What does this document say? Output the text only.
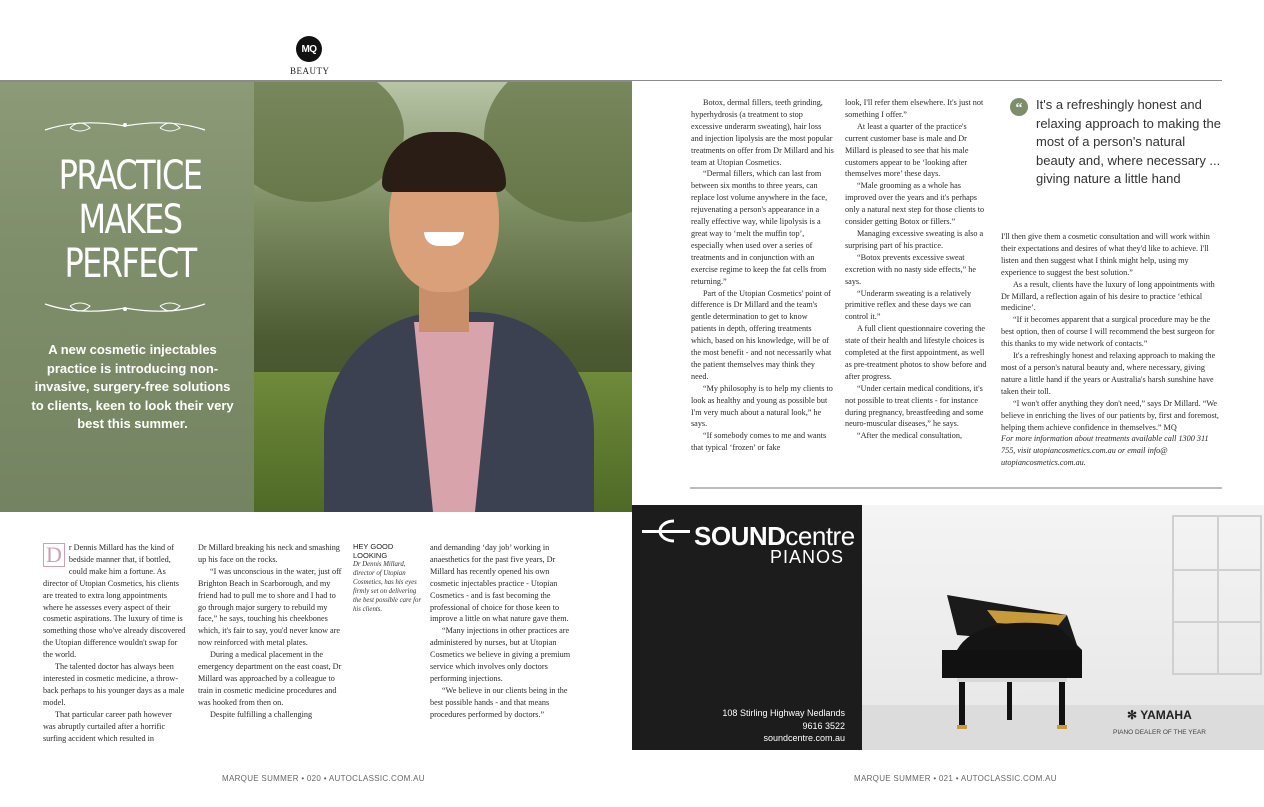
MQ
BEAUTY
PRACTICE
MAKES
PERFECT
A new cosmetic injectables practice is introducing non-invasive, surgery-free solutions to clients, keen to look their very best this summer.

D r Dennis Millard has the kind of bedside manner that, if bottled, could make him a fortune. As director of Utopian Cosmetics, his clients are treated to extra long appointments where he assesses every aspect of their cosmetic aspirations. The luxury of time is something those who've already discovered the Utopian difference wouldn't swap for the world.

The talented doctor has always been interested in cosmetic medicine, a throw-back perhaps to his younger days as a male model.

That particular career path however was abruptly curtailed after a horrific surfing accident which resulted in

Dr Millard breaking his neck and smashing up his face on the rocks.

“I was unconscious in the water, just off Brighton Beach in Scarborough, and my friend had to pull me to shore and I had to go through major surgery to rebuild my face,” he says, touching his cheekbones which, it's fair to say, you'd never know are now reinforced with metal plates.

During a medical placement in the emergency department on the east coast, Dr Millard was approached by a colleague to train in cosmetic medicine procedures and was hooked from then on.

Despite fulfilling a challenging

HEY GOOD LOOKING
Dr Dennis Millard, director of Utopian Cosmetics, has his eyes firmly set on delivering the best possible care for his clients.

and demanding ‘day job’ working in anaesthetics for the past five years, Dr Millard has recently opened his own cosmetic injectables practice - Utopian Cosmetics - and is fast becoming the professional of choice for those keen to improve a little on what nature gave them.

“Many injections in other practices are administered by nurses, but at Utopian Cosmetics we believe in giving a premium service which involves only doctors performing injections.

“We believe in our clients being in the best possible hands - and that means procedures performed by doctors.”

MARQUE SUMMER • 020 • AUTOCLASSIC.COM.AU

Botox, dermal fillers, teeth grinding, hyperhydrosis (a treatment to stop excessive underarm sweating), hair loss and injection lipolysis are the most popular treatments on offer from Dr Millard and his team at Utopian Cosmetics.

“Dermal fillers, which can last from between six months to three years, can replace lost volume anywhere in the face, rejuvenating a person's appearance in a really effective way, while lipolysis is a great way to ‘melt the muffin top’, especially when used over a series of treatments and in conjunction with an exercise regime to keep the fat cells from returning.”

Part of the Utopian Cosmetics' point of difference is Dr Millard and the team's gentle determination to get to know patients in depth, offering treatments which, based on his knowledge, will be of the most benefit - and not necessarily what the patient themselves may think they need.

“My philosophy is to help my clients to look as healthy and young as possible but I'm very much about a natural look,” he says.

“If somebody comes to me and wants that typical ‘frozen’ or fake

look, I'll refer them elsewhere. It's just not something I offer.”

At least a quarter of the practice's current customer base is male and Dr Millard is pleased to see that his male customers appear to be ‘looking after themselves more’ these days.

“Male grooming as a whole has improved over the years and it's perhaps only a natural next step for those clients to consider getting Botox or fillers.”

Managing excessive sweating is also a surprising part of his practice.

“Botox prevents excessive sweat excretion with no nasty side effects,” he says.

“Underarm sweating is a relatively primitive reflex and these days we can control it.”

A full client questionnaire covering the state of their health and lifestyle choices is completed at the first appointment, as well as pre-treatment photos to show before and after progress.

“Under certain medical conditions, it's not possible to treat clients - for instance during pregnancy, breastfeeding and some neuro-muscular diseases,” he says.

“After the medical consultation,

“	It's a refreshingly honest and relaxing approach to making the most of a person's natural beauty and, where necessary ... giving nature a little hand

I'll then give them a cosmetic consultation and will work within their expectations and desires of what they'd like to achieve. I'll listen and then suggest what I think might help, using my experience to suggest the best solution.”

As a result, clients have the luxury of long appointments with Dr Millard, a reflection again of his desire to practice ‘ethical medicine’.

“If it becomes apparent that a surgical procedure may be the best option, then of course I will recommend the best surgeon for this thanks to my wide network of contacts.”

It's a refreshingly honest and relaxing approach to making the most of a person's natural beauty and, where necessary, giving nature a little hand if the years or Australia's harsh sunshine have taken their toll.

“I won't offer anything they don't need,” says Dr Millard. “We believe in enriching the lives of our patients by, first and foremost, helping them achieve confidence in themselves.” MQ

For more information about treatments available call 1300 311 755, visit utopiancosmetics.com.au or email info@ utopiancosmetics.com.au.

SOUNDcentre
PIANOS
108 Stirling Highway Nedlands
9616 3522
soundcentre.com.au
✻ YAMAHA
PIANO DEALER OF THE YEAR
MARQUE SUMMER • 021 • AUTOCLASSIC.COM.AU
